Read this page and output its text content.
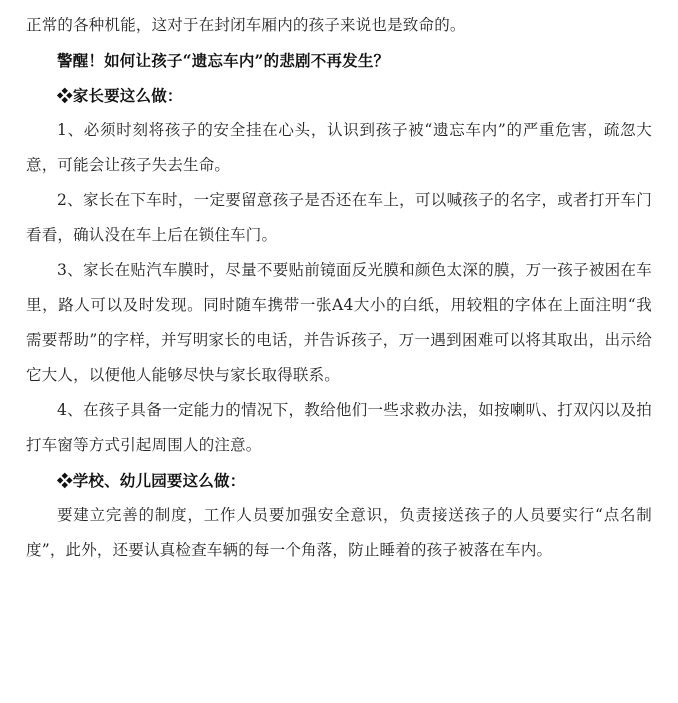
正常的各种机能，这对于在封闭车厢内的孩子来说也是致命的。

警醒！如何让孩子“遗忘车内”的悲剧不再发生？

❖家长要这么做：

1、必须时刻将孩子的安全挂在心头，认识到孩子被“遗忘车内”的严重危害，疏忽大意，可能会让孩子失去生命。

2、家长在下车时，一定要留意孩子是否还在车上，可以喊孩子的名字，或者打开车门看看，确认没在车上后在锁住车门。

3、家长在贴汽车膜时，尽量不要贴前镜面反光膜和颜色太深的膜，万一孩子被困在车里，路人可以及时发现。同时随车携带一张A4大小的白纸，用较粗的字体在上面注明“我需要帮助”的字样，并写明家长的电话，并告诉孩子，万一遇到困难可以将其取出，出示给它大人，以便他人能够尽快与家长取得联系。

4、在孩子具备一定能力的情况下，教给他们一些求救办法，如按喇叭、打双闪以及拍打车窗等方式引起周围人的注意。

❖学校、幼儿园要这么做：

要建立完善的制度，工作人员要加强安全意识，负责接送孩子的人员要实行“点名制度”，此外，还要认真检查车辆的每一个角落，防止睡着的孩子被落在车内。
